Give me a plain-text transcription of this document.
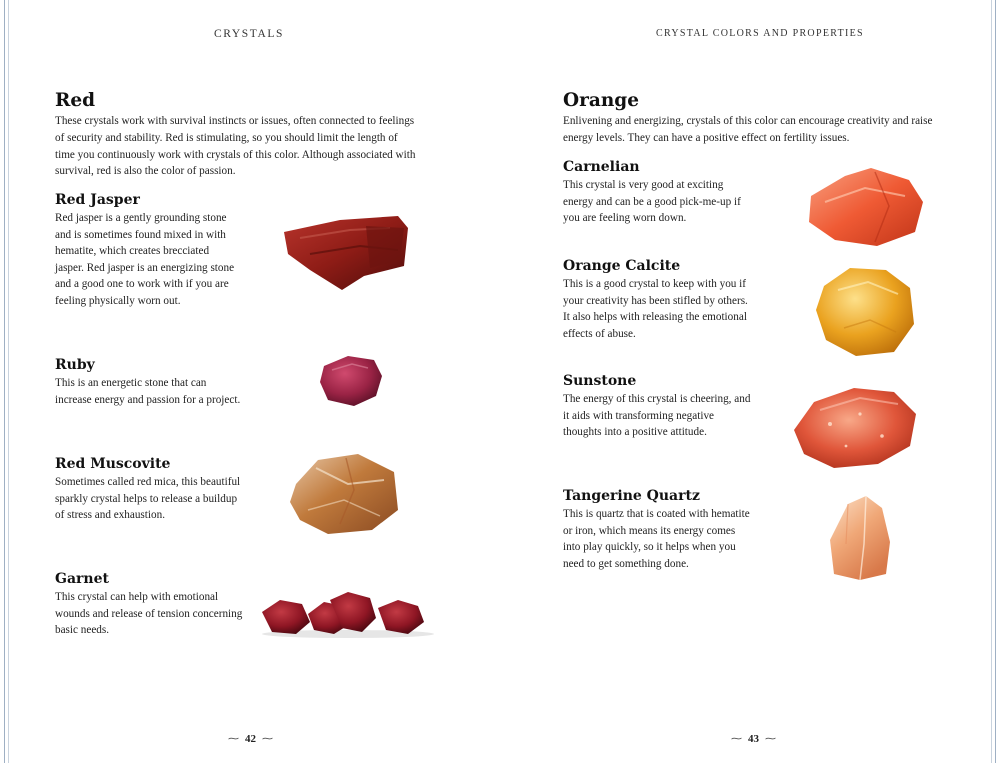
CRYSTALS
Red

These crystals work with survival instincts or issues, often connected to feelings of security and stability. Red is stimulating, so you should limit the length of time you continuously work with crystals of this color. Although associated with survival, red is also the color of passion.

Red Jasper

Red jasper is a gently grounding stone and is sometimes found mixed in with hematite, which creates brecciated jasper. Red jasper is an energizing stone and a good one to work with if you are feeling physically worn out.

Ruby

This is an energetic stone that can increase energy and passion for a project.

Red Muscovite

Sometimes called red mica, this beautiful sparkly crystal helps to release a buildup of stress and exhaustion.

Garnet

This crystal can help with emotional wounds and release of tension concerning basic needs.

⁓ 42 ⁓
CRYSTAL COLORS AND PROPERTIES
Orange

Enlivening and energizing, crystals of this color can encourage creativity and raise energy levels. They can have a positive effect on fertility issues.

Carnelian

This crystal is very good at exciting energy and can be a good pick-me-up if you are feeling worn down.

Orange Calcite

This is a good crystal to keep with you if your creativity has been stifled by others. It also helps with releasing the emotional effects of abuse.

Sunstone

The energy of this crystal is cheering, and it aids with transforming negative thoughts into a positive attitude.

Tangerine Quartz

This is quartz that is coated with hematite or iron, which means its energy comes into play quickly, so it helps when you need to get something done.

⁓ 43 ⁓
